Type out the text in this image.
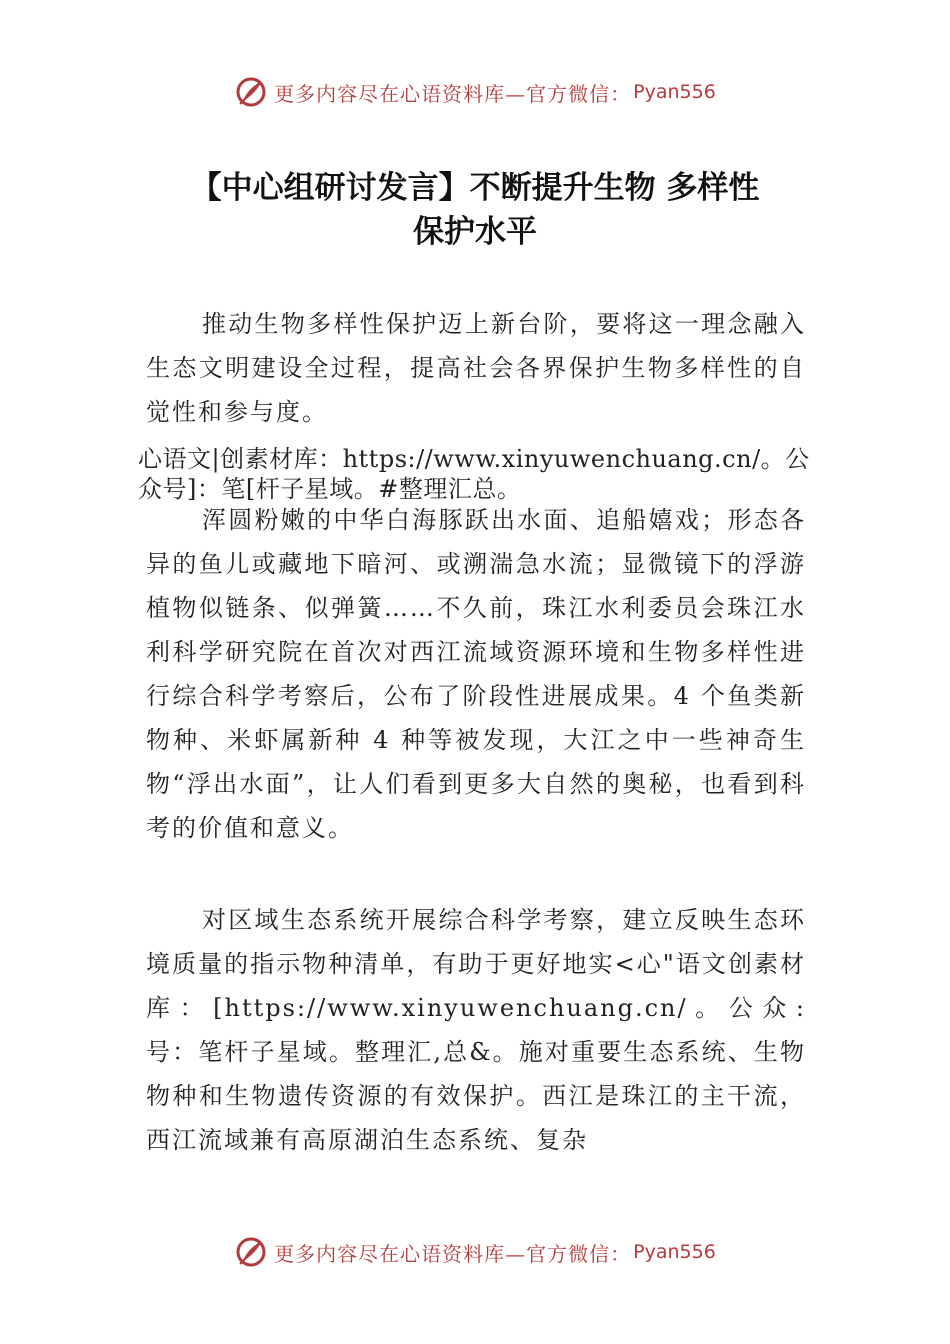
更多内容尽在心语资料库—官方微信： Pyan556
【中心组研讨发言】不断提升生物 多样性
保护水平

推动生物多样性保护迈上新台阶，要将这一理念融入生态文明建设全过程，提高社会各界保护生物多样性的自觉性和参与度。

心语文|创素材库：https://www.xinyuwenchuang.cn/。公众号]：笔[杆子星域。#整理汇总。

浑圆粉嫩的中华白海豚跃出水面、追船嬉戏；形态各异的鱼儿或藏地下暗河、或溯湍急水流；显微镜下的浮游植物似链条、似弹簧……不久前，珠江水利委员会珠江水利科学研究院在首次对西江流域资源环境和生物多样性进行综合科学考察后，公布了阶段性进展成果。4 个鱼类新物种、米虾属新种 4 种等被发现，大江之中一些神奇生物“浮出水面”，让人们看到更多大自然的奥秘，也看到科考的价值和意义。

对区域生态系统开展综合科学考察，建立反映生态环境质量的指示物种清单，有助于更好地实<心"语文创素材库：[https://www.xinyuwenchuang.cn/。公众:号：笔杆子星域。整理汇,总&。施对重要生态系统、生物物种和生物遗传资源的有效保护。西江是珠江的主干流，西江流域兼有高原湖泊生态系统、复杂

更多内容尽在心语资料库—官方微信： Pyan556
